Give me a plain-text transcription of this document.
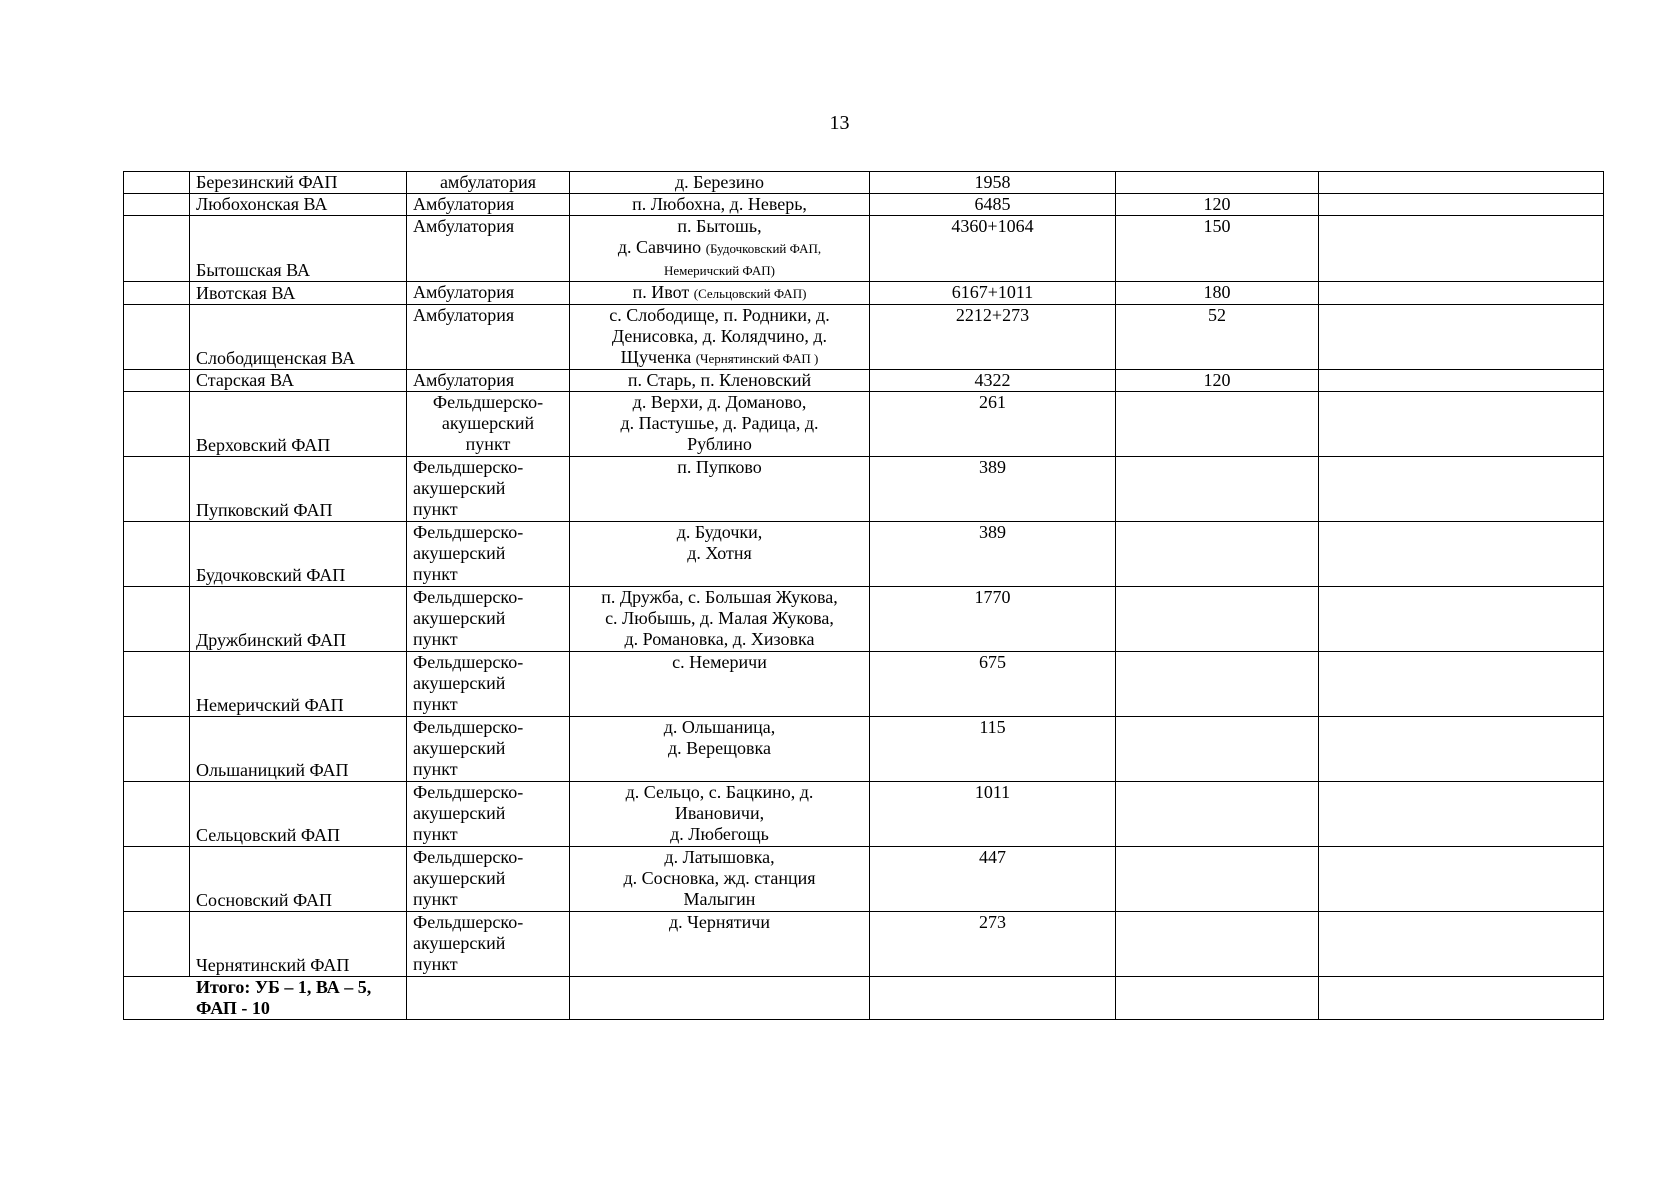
13
	Березинский ФАП	амбулатория	д. Березино	1958		
	Любохонская ВА	Амбулатория	п. Любохна, д. Неверь,	6485	120	
	Бытошская ВА	Амбулатория	п. Бытошь,
д. Савчино (Будочковский ФАП,
Немеричский ФАП)	4360+1064	150	
	Ивотская ВА	Амбулатория	п. Ивот (Сельцовский ФАП)	6167+1011	180	
	Слободищенская ВА	Амбулатория	с. Слободище, п. Родники, д.
Денисовка, д. Колядчино, д.
Щученка (Чернятинский ФАП )	2212+273	52	
	Старская ВА	Амбулатория	п. Старь, п. Кленовский	4322	120	
	Верховский ФАП	Фельдшерско-
акушерский
пункт	д. Верхи, д. Доманово,
д. Пастушье, д. Радица, д.
Рублино	261		
	Пупковский ФАП	Фельдшерско-
акушерский
пункт	п. Пупково	389		
	Будочковский ФАП	Фельдшерско-
акушерский
пункт	д. Будочки,
д. Хотня	389		
	Дружбинский ФАП	Фельдшерско-
акушерский
пункт	п. Дружба, с. Большая Жукова,
с. Любышь, д. Малая Жукова,
д. Романовка, д. Хизовка	1770		
	Немеричский ФАП	Фельдшерско-
акушерский
пункт	с. Немеричи	675		
	Ольшаницкий ФАП	Фельдшерско-
акушерский
пункт	д. Ольшаница,
д. Верещовка	115		
	Сельцовский ФАП	Фельдшерско-
акушерский
пункт	д. Сельцо, с. Бацкино, д.
Ивановичи,
д. Любегощь	1011		
	Сосновский ФАП	Фельдшерско-
акушерский
пункт	д. Латышовка,
д. Сосновка, жд. станция
Малыгин	447		
	Чернятинский ФАП	Фельдшерско-
акушерский
пункт	д. Чернятичи	273		
Итого: УБ – 1, ВА – 5,
ФАП - 10						
